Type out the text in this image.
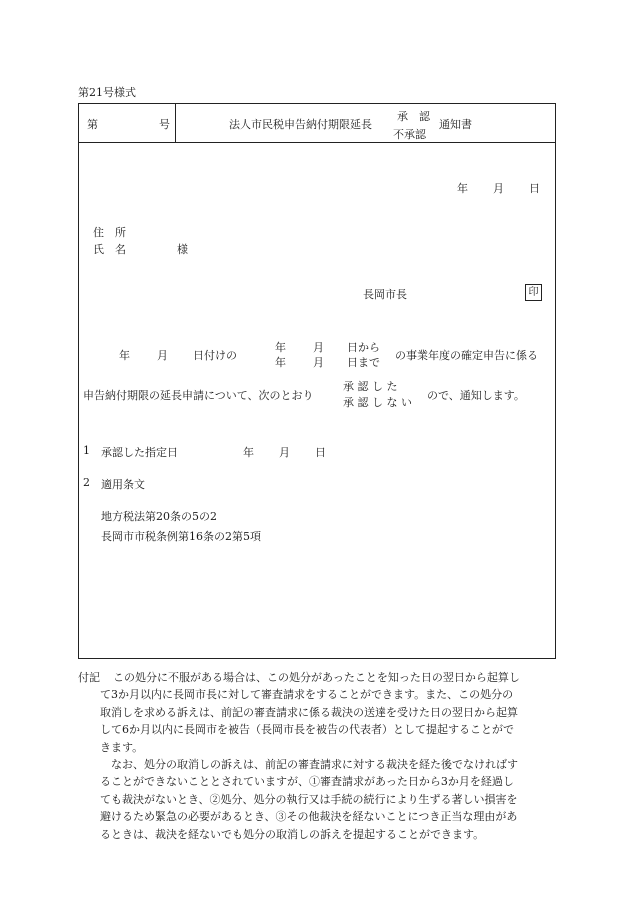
第21号様式
第	号	法人市民税申告納付期限延長
承　認
不承認
通知書
年 月 日
住　所
氏　名	様
長岡市長	印
年 月 日付けの
年 月 日から
年 月 日まで
の事業年度の確定申告に係る
申告納付期限の延長申請について、次のとおり
承 認 し た
承 認 し な い
ので、通知します。
1 承認した指定日	年 月 日
2 適用条文
地方税法第20条の5の2
長岡市市税条例第16条の2第5項
付記	この処分に不服がある場合は、この処分があったことを知った日の翌日から起算し

て3か月以内に長岡市長に対して審査請求をすることができます。また、この処分の

取消しを求める訴えは、前記の審査請求に係る裁決の送達を受けた日の翌日から起算

して6か月以内に長岡市を被告（長岡市長を被告の代表者）として提起することがで

きます。

なお、処分の取消しの訴えは、前記の審査請求に対する裁決を経た後でなければす

ることができないこととされていますが、①審査請求があった日から3か月を経過し

ても裁決がないとき、②処分、処分の執行又は手続の続行により生ずる著しい損害を

避けるため緊急の必要があるとき、③その他裁決を経ないことにつき正当な理由があ

るときは、裁決を経ないでも処分の取消しの訴えを提起することができます。
